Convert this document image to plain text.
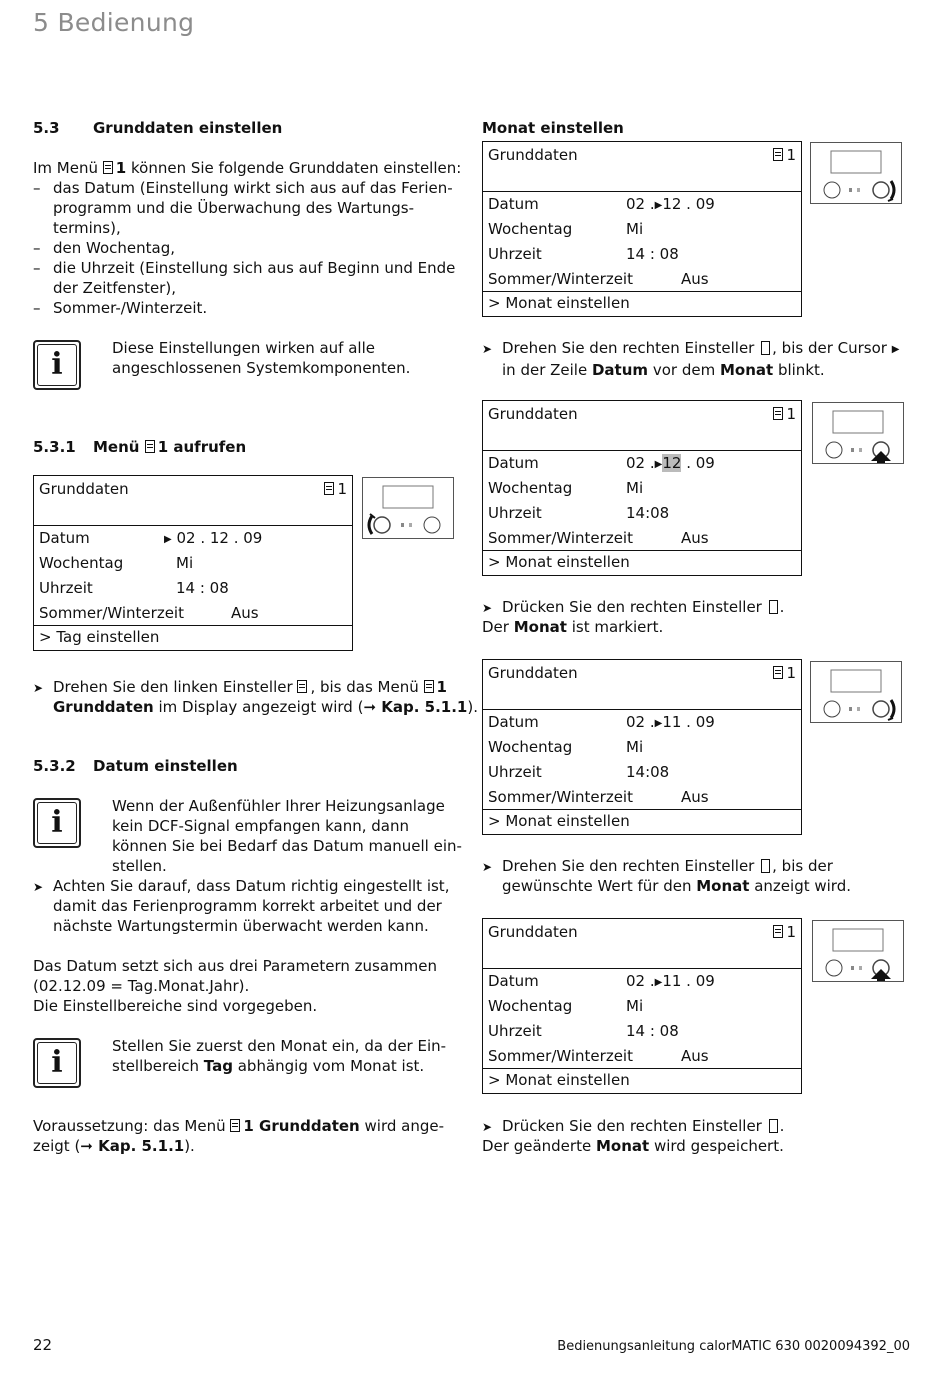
5 Bedienung
5.3 Grunddaten einstellen
Im Menü 1 können Sie folgende Grunddaten einstellen:
– das Datum (Einstellung wirkt sich aus auf das Ferien-
programm und die Überwachung des Wartungs-
termins),
– den Wochentag,
– die Uhrzeit (Einstellung sich aus auf Beginn und Ende
der Zeitfenster),
– Sommer-/Winterzeit.
i	Diese Einstellungen wirken auf alle
angeschlossenen Systemkomponenten.
5.3.1 Menü 1 aufrufen
Grunddaten	1
Datum	▶ 02 . 12 . 09
Wochentag	Mi
Uhrzeit	14 : 08
Sommer/Winterzeit	Aus
> Tag einstellen
➤ Drehen Sie den linken Einsteller , bis das Menü 1
Grunddaten im Display angezeigt wird (➞ Kap. 5.1.1).
5.3.2 Datum einstellen
i	Wenn der Außenfühler Ihrer Heizungsanlage
kein DCF-Signal empfangen kann, dann
können Sie bei Bedarf das Datum manuell ein-
stellen.
➤ Achten Sie darauf, dass Datum richtig eingestellt ist,
damit das Ferienprogramm korrekt arbeitet und der
nächste Wartungstermin überwacht werden kann.
Das Datum setzt sich aus drei Parametern zusammen
(02.12.09 = Tag.Monat.Jahr).
Die Einstellbereiche sind vorgegeben.
i	Stellen Sie zuerst den Monat ein, da der Ein-
stellbereich Tag abhängig vom Monat ist.
Voraussetzung: das Menü 1 Grunddaten wird ange-
zeigt (➞ Kap. 5.1.1).
Monat einstellen
Grunddaten	1
Datum	02 .▶12 . 09
Wochentag	Mi
Uhrzeit	14 : 08
Sommer/Winterzeit	Aus
> Monat einstellen
➤ Drehen Sie den rechten Einsteller , bis der Cursor ▶
in der Zeile Datum vor dem Monat blinkt.
Grunddaten	1
Datum	02 .▶12 . 09
Wochentag	Mi
Uhrzeit	14:08
Sommer/Winterzeit	Aus
> Monat einstellen
➤ Drücken Sie den rechten Einsteller .
Der Monat ist markiert.
Grunddaten	1
Datum	02 .▶11 . 09
Wochentag	Mi
Uhrzeit	14:08
Sommer/Winterzeit	Aus
> Monat einstellen
➤ Drehen Sie den rechten Einsteller , bis der
gewünschte Wert für den Monat anzeigt wird.
Grunddaten	1
Datum	02 .▶11 . 09
Wochentag	Mi
Uhrzeit	14 : 08
Sommer/Winterzeit	Aus
> Monat einstellen
➤ Drücken Sie den rechten Einsteller .
Der geänderte Monat wird gespeichert.
22	Bedienungsanleitung calorMATIC 630 0020094392_00
